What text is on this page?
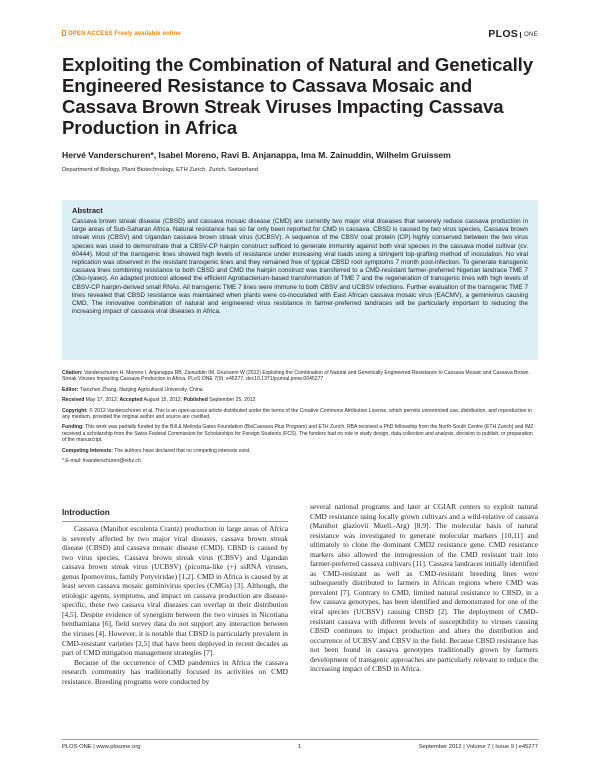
OPEN ACCESS Freely available online	PLOS ONE
Exploiting the Combination of Natural and Genetically Engineered Resistance to Cassava Mosaic and Cassava Brown Streak Viruses Impacting Cassava Production in Africa
Hervé Vanderschuren*, Isabel Moreno, Ravi B. Anjanappa, Ima M. Zainuddin, Wilhelm Gruissem
Department of Biology, Plant Biotechnology, ETH Zurich, Zurich, Switzerland
Abstract
Cassava brown streak disease (CBSD) and cassava mosaic disease (CMD) are currently two major viral diseases that severely reduce cassava production in large areas of Sub-Saharan Africa. Natural resistance has so far only been reported for CMD in cassava. CBSD is caused by two virus species, Cassava brown streak virus (CBSV) and Ugandan cassava brown streak virus (UCBSV). A sequence of the CBSV coat protein (CP) highly conserved between the two virus species was used to demonstrate that a CBSV-CP hairpin construct sufficed to generate immunity against both viral species in the cassava model cultivar (cv. 60444). Most of the transgenic lines showed high levels of resistance under increasing viral loads using a stringent top-grafting method of inoculation. No viral replication was observed in the resistant transgenic lines and they remained free of typical CBSD root symptoms 7 month post-infection. To generate transgenic cassava lines combining resistance to both CBSD and CMD the hairpin construct was transferred to a CMD-resistant farmer-preferred Nigerian landrace TME 7 (Oko-Iyawo). An adapted protocol allowed the efficient Agrobacterium-based transformation of TME 7 and the regeneration of transgenic lines with high levels of CBSV-CP hairpin-derived small RNAs. All transgenic TME 7 lines were immune to both CBSV and UCBSV infections. Further evaluation of the transgenic TME 7 lines revealed that CBSD resistance was maintained when plants were co-inoculated with East African cassava mosaic virus (EACMV), a geminivirus causing CMD. The innovative combination of natural and engineered virus resistance in farmer-preferred landraces will be particularly important to reducing the increasing impact of cassava viral diseases in Africa.

Citation: Vanderschuren H, Moreno I, Anjanappa RB, Zainuddin IM, Gruissem W (2012) Exploiting the Combination of Natural and Genetically Engineered Resistance to Cassava Mosaic and Cassava Brown Streak Viruses Impacting Cassava Production in Africa. PLoS ONE 7(9): e45277. doi:10.1371/journal.pone.0045277

Editor: Tianzhen Zhang, Nanjing Agricultural University, China

Received May 17, 2012; Accepted August 15, 2012; Published September 25, 2012

Copyright: © 2012 Vanderschuren et al. This is an open-access article distributed under the terms of the Creative Commons Attribution License, which permits unrestricted use, distribution, and reproduction in any medium, provided the original author and source are credited.

Funding: This work was partially funded by the Bill & Melinda Gates Foundation (BioCassava Plus Program) and ETH Zurich. RBA received a PhD fellowship from the North-South Centre (ETH Zurich) and IMZ received a scholarship from the Swiss Federal Commission for Scholarships for Foreign Students (FCS). The funders had no role in study design, data collection and analysis, decision to publish, or preparation of the manuscript.

Competing Interests: The authors have declared that no competing interests exist.

* E-mail: hvanderschuren@ethz.ch

Introduction

Cassava (Manihot esculenta Crantz) production in large areas of Africa is severely affected by two major viral diseases, cassava brown streak disease (CBSD) and cassava mosaic disease (CMD). CBSD is caused by two virus species, Cassava brown streak virus (CBSV) and Ugandan cassava brown streak virus (UCBSV) (picorna-like (+) ssRNA viruses, genus Ipomovirus, family Potyviridae) [1,2]. CMD in Africa is caused by at least seven cassava mosaic geminivirus species (CMGs) [3]. Although, the etiologic agents, symptoms, and impact on cassava production are disease-specific, these two cassava viral diseases can overlap in their distribution [4,5]. Despite evidence of synergism between the two viruses in Nicotiana benthamiana [6], field survey data do not support any interaction between the viruses [4]. However, it is notable that CBSD is particularly prevalent in CMD-resistant varieties [2,5] that have been deployed in recent decades as part of CMD mitigation management strategies [7].

Because of the occurrence of CMD pandemics in Africa the cassava research community has traditionally focused its activities on CMD resistance. Breeding programs were conducted by

several national programs and later at CGIAR centers to exploit natural CMD resistance using locally grown cultivars and a wild-relative of cassava (Manihot glaziovii Muell.-Arg) [8,9]. The molecular basis of natural resistance was investigated to generate molecular markers [10,11] and ultimately to clone the dominant CMD2 resistance gene. CMD resistance markers also allowed the introgression of the CMD resistant trait into farmer-preferred cassava cultivars [11]. Cassava landraces initially identified as CMD-resistant as well as CMD-resistant breeding lines were subsequently distributed to farmers in African regions where CMD was prevalent [7]. Contrary to CMD, limited natural resistance to CBSD, in a few cassava genotypes, has been identified and demonstrated for one of the viral species (UCBSV) causing CBSD [2]. The deployment of CMD-resistant cassava with different levels of susceptibility to viruses causing CBSD continues to impact production and alters the distribution and occurrence of UCBSV and CBSV in the field. Because CBSD resistance has not been found in cassava genotypes traditionally grown by farmers development of transgenic approaches are particularly relevant to reduce the increasing impact of CBSD in Africa.

PLOS ONE | www.plosone.org	1	September 2012 | Volume 7 | Issue 9 | e45277
